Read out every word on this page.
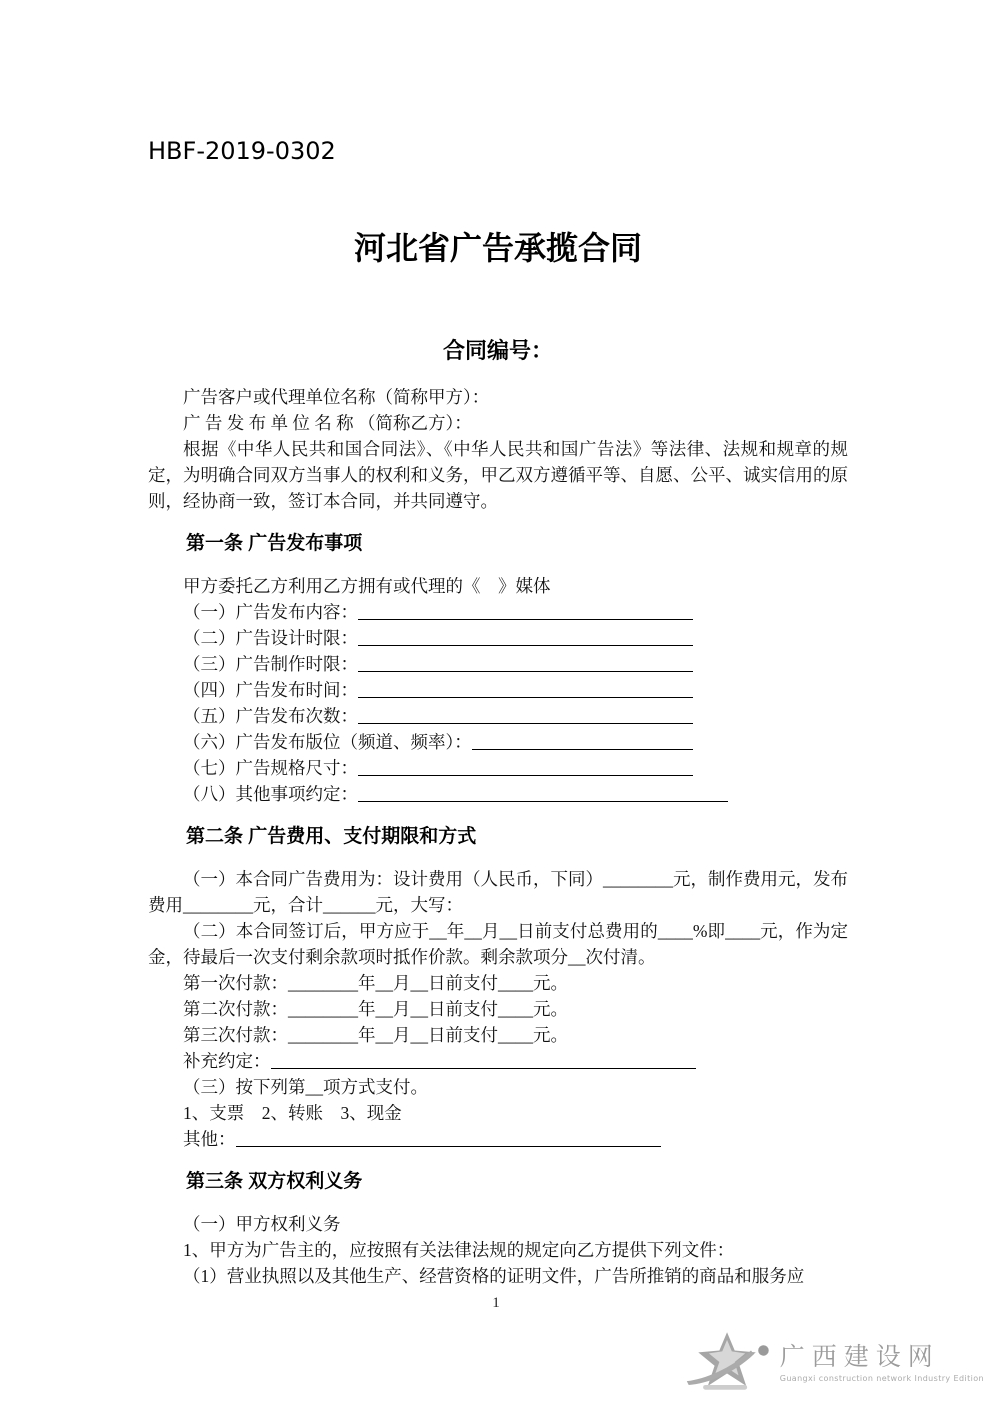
HBF-2019-0302
河北省广告承揽合同
合同编号：

广告客户或代理单位名称（简称甲方）：

广 告 发 布 单 位 名 称 （简称乙方）：

根据《中华人民共和国合同法》、《中华人民共和国广告法》等法律、法规和规章的规定，为明确合同双方当事人的权利和义务，甲乙双方遵循平等、自愿、公平、诚实信用的原则，经协商一致，签订本合同，并共同遵守。

第一条 广告发布事项

甲方委托乙方利用乙方拥有或代理的《　》媒体

（一）广告发布内容：
（二）广告设计时限：
（三）广告制作时限：
（四）广告发布时间：
（五）广告发布次数：
（六）广告发布版位（频道、频率）：
（七）广告规格尺寸：
（八）其他事项约定：
第二条 广告费用、支付期限和方式

（一）本合同广告费用为：设计费用（人民币，下同）________元，制作费用元，发布费用________元，合计______元，大写：

（二）本合同签订后，甲方应于__年__月__日前支付总费用的____%即____元，作为定金，待最后一次支付剩余款项时抵作价款。剩余款项分__次付清。

第一次付款：________年__月__日前支付____元。

第二次付款：________年__月__日前支付____元。

第三次付款：________年__月__日前支付____元。

补充约定：

（三）按下列第__项方式支付。

1、支票　2、转账　3、现金

其他：
第三条 双方权利义务

（一）甲方权利义务

1、甲方为广告主的，应按照有关法律法规的规定向乙方提供下列文件：

（1）营业执照以及其他生产、经营资格的证明文件，广告所推销的商品和服务应

1
广西建设网
Guangxi construction network Industry Edition
